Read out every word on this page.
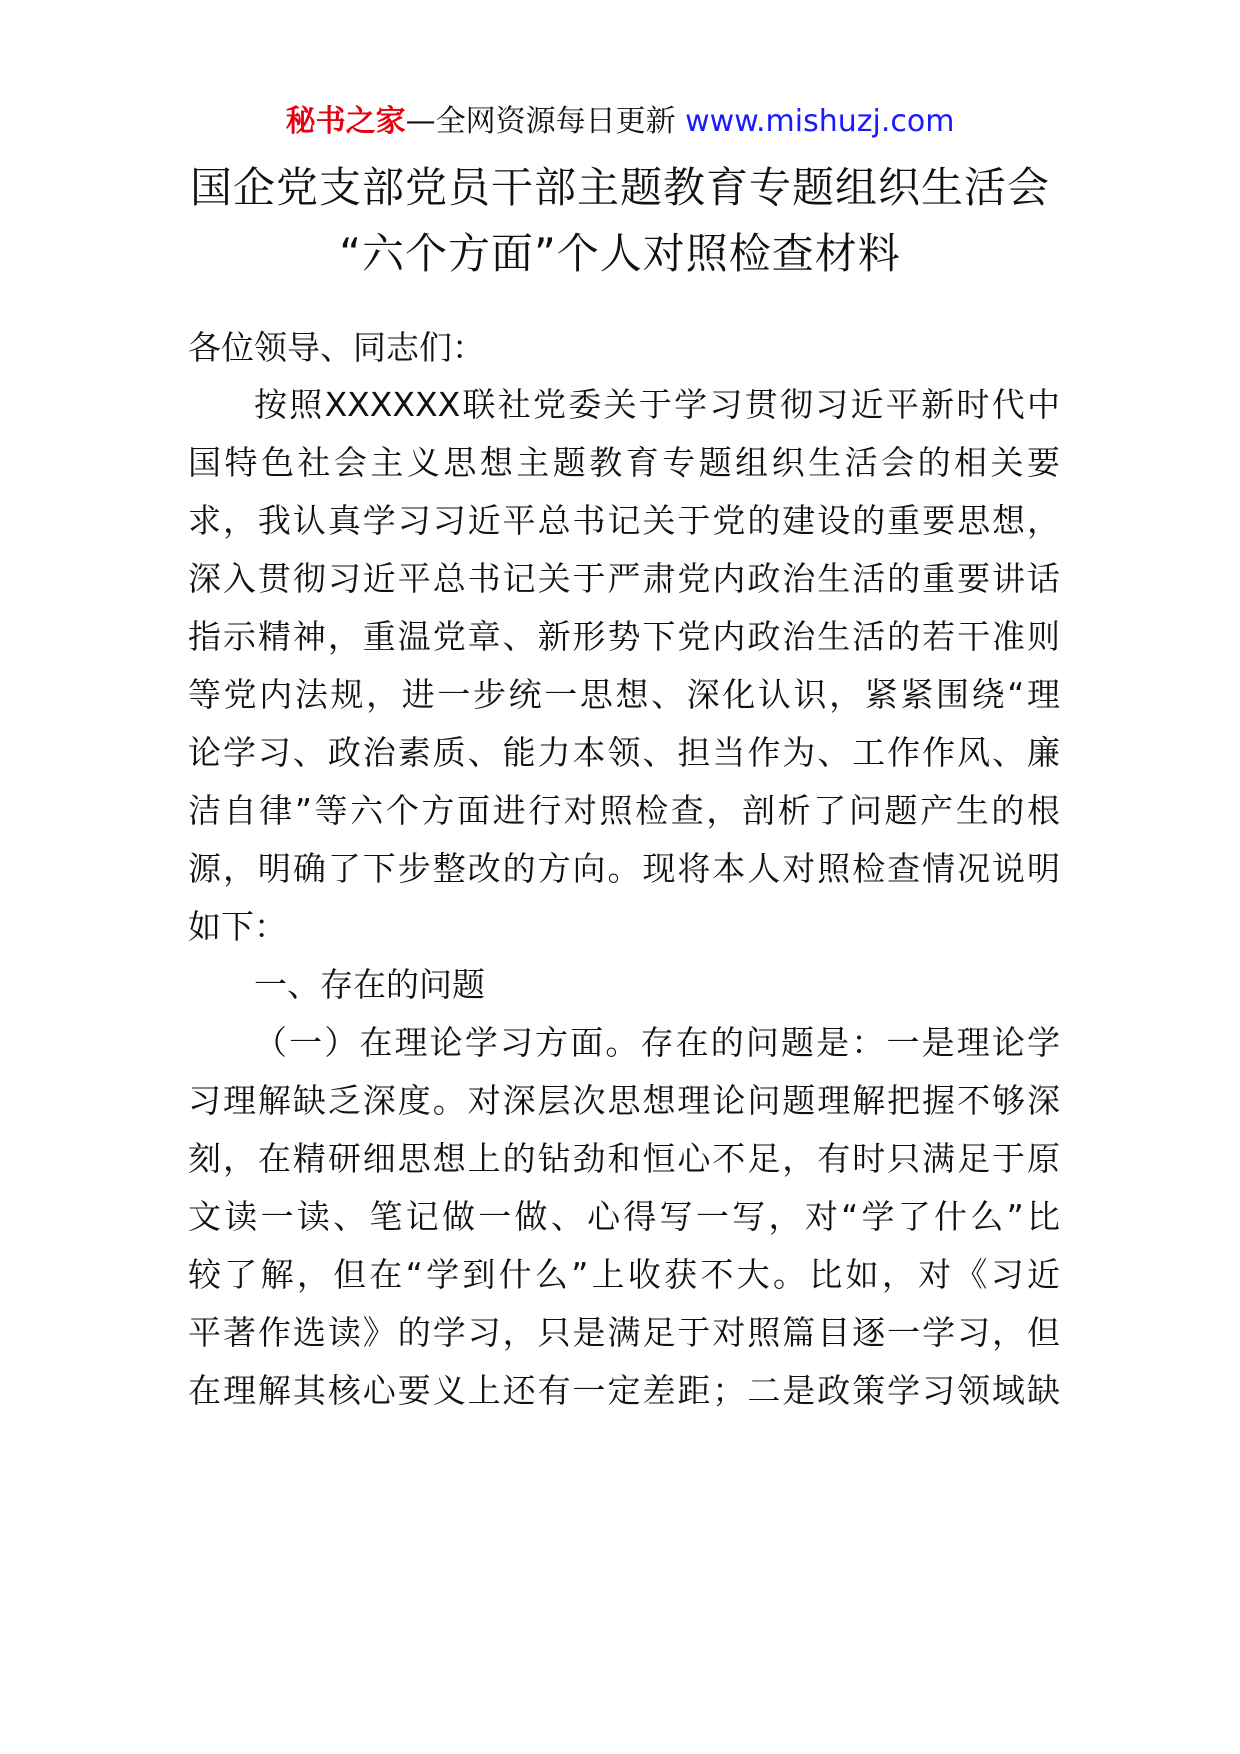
秘书之家—全网资源每日更新 www.mishuzj.com
国企党支部党员干部主题教育专题组织生活会
“六个方面”个人对照检查材料
各位领导、同志们：
按照XXXXXX联社党委关于学习贯彻习近平新时代中
国特色社会主义思想主题教育专题组织生活会的相关要
求，我认真学习习近平总书记关于党的建设的重要思想，
深入贯彻习近平总书记关于严肃党内政治生活的重要讲话
指示精神，重温党章、新形势下党内政治生活的若干准则
等党内法规，进一步统一思想、深化认识，紧紧围绕“理
论学习、政治素质、能力本领、担当作为、工作作风、廉
洁自律”等六个方面进行对照检查，剖析了问题产生的根
源，明确了下步整改的方向。现将本人对照检查情况说明
如下：
一、存在的问题
（一）在理论学习方面。存在的问题是：一是理论学
习理解缺乏深度。对深层次思想理论问题理解把握不够深
刻，在精研细思想上的钻劲和恒心不足，有时只满足于原
文读一读、笔记做一做、心得写一写，对“学了什么”比
较了解，但在“学到什么”上收获不大。比如，对《习近
平著作选读》的学习，只是满足于对照篇目逐一学习，但
在理解其核心要义上还有一定差距；二是政策学习领域缺
